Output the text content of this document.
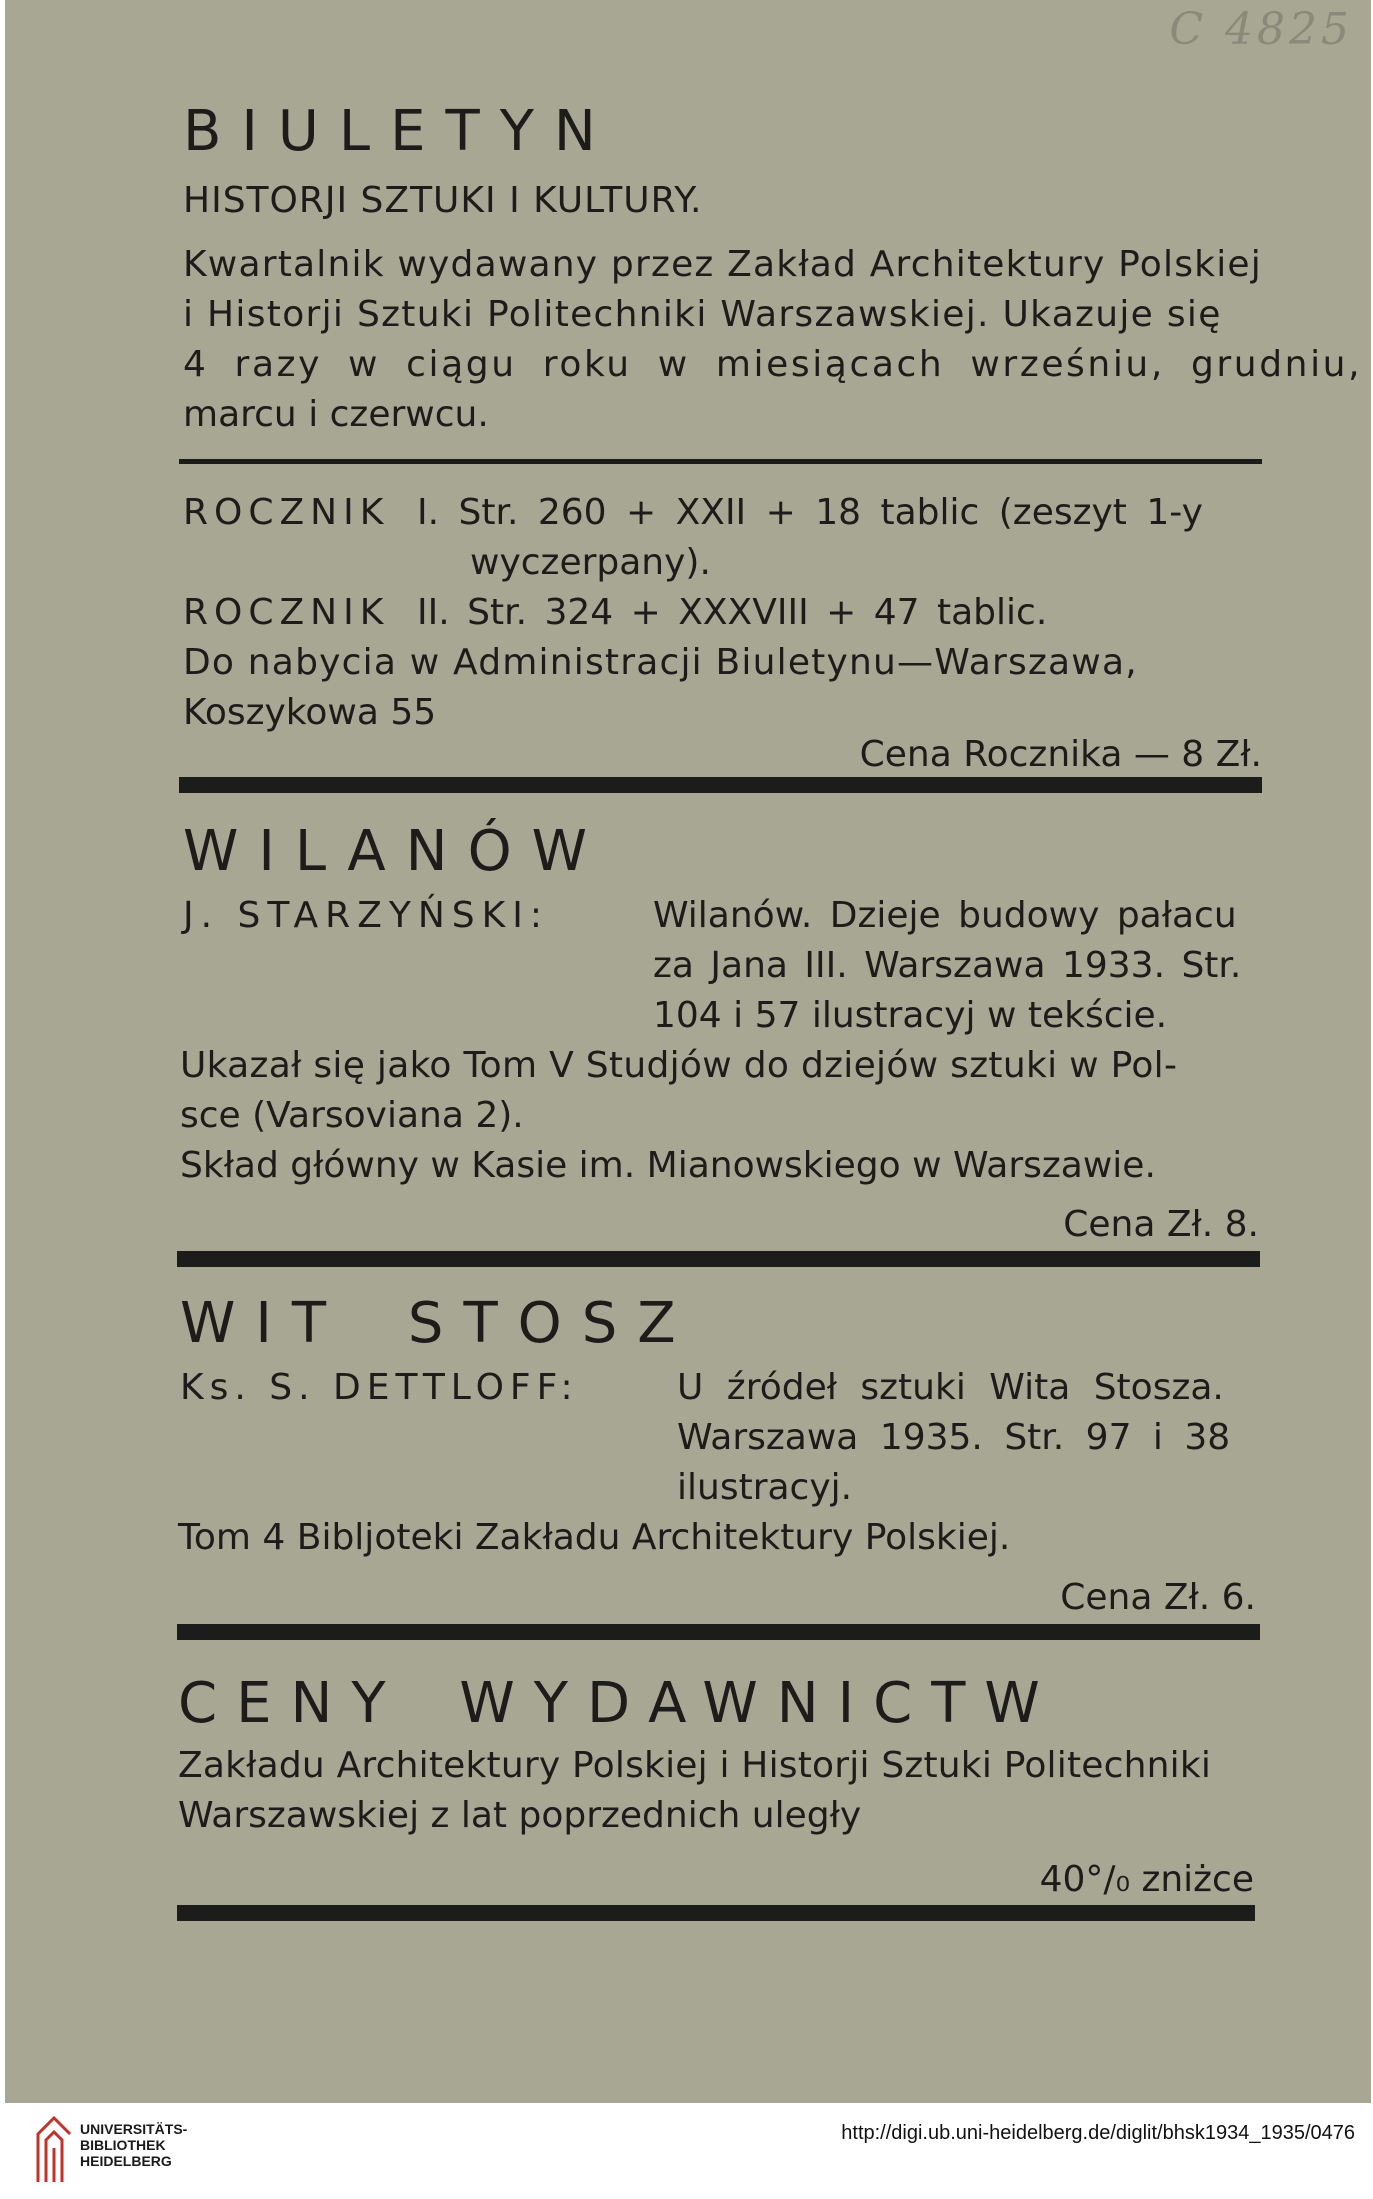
C 4825
BIULETYN
HISTORJI SZTUKI I KULTURY.
Kwartalnik wydawany przez Zakład Architektury Polskiej
i Historji Sztuki Politechniki Warszawskiej. Ukazuje się
4 razy w ciągu roku w miesiącach wrześniu, grudniu,
marcu i czerwcu.
ROCZNIK I. Str. 260 + XXII + 18 tablic (zeszyt 1-y
wyczerpany).
ROCZNIK II. Str. 324 + XXXVIII + 47 tablic.
Do nabycia w Administracji Biuletynu—Warszawa,
Koszykowa 55
Cena Rocznika — 8 Zł.
WILANÓW
J. STARZYŃSKI:	Wilanów. Dzieje budowy pałacu
za Jana III. Warszawa 1933. Str.
104 i 57 ilustracyj w tekście.
Ukazał się jako Tom V Studjów do dziejów sztuki w Pol-
sce (Varsoviana 2).
Skład główny w Kasie im. Mianowskiego w Warszawie.
Cena Zł. 8.
WIT STOSZ
Ks. S. DETTLOFF:	U źródeł sztuki Wita Stosza.
Warszawa 1935. Str. 97 i 38
ilustracyj.
Tom 4 Bibljoteki Zakładu Architektury Polskiej.
Cena Zł. 6.
CENY WYDAWNICTW
Zakładu Architektury Polskiej i Historji Sztuki Politechniki
Warszawskiej z lat poprzednich uległy
40°/₀ zniżce
UNIVERSITÄTS-
BIBLIOTHEK
HEIDELBERG
http://digi.ub.uni-heidelberg.de/diglit/bhsk1934_1935/0476
